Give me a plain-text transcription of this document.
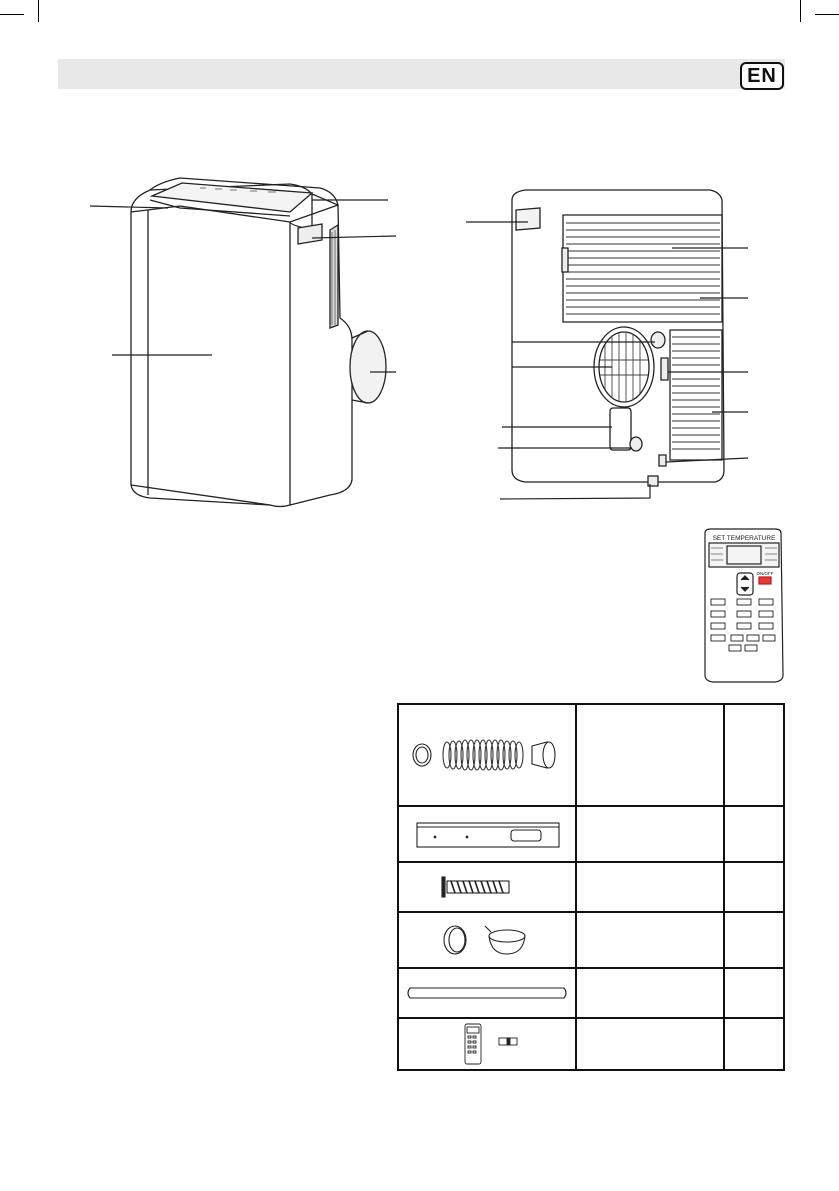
EN
SET TEMPERATURE
ON/OFF
